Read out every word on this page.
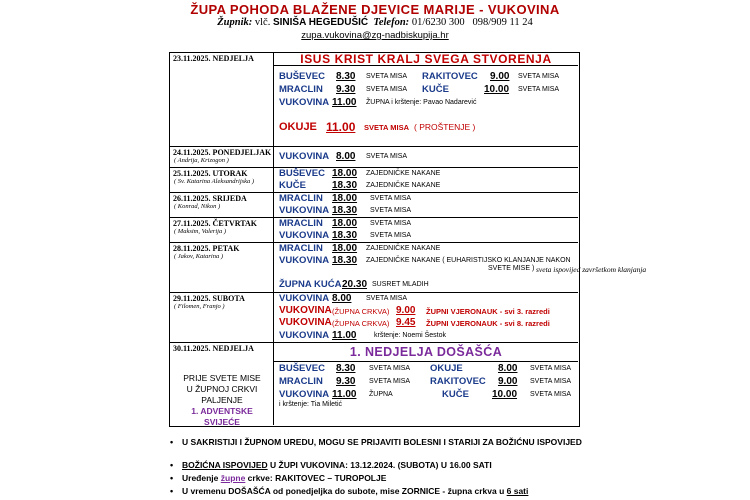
ŽUPA POHODA BLAŽENE DJEVICE MARIJE - VUKOVINA
Župnik: vlč. SINIŠA HEGEDUŠIĆ Telefon: 01/6230 300 098/909 11 24
zupa.vukovina@zg-nadbiskupija.hr
23.11.2025. NEDJELJA	ISUS KRIST KRALJ SVEGA STVORENJA
BUŠEVEC 8.30 SVETA MISA RAKITOVEC 9.00 SVETA MISA
MRACLIN 9.30 SVETA MISA KUČE	10.00 SVETA MISA
VUKOVINA 11.00 ŽUPNA i krštenje: Pavao Nadarević
OKUJE 11.00 SVETA MISA ( PROŠTENJE )
24.11.2025. PONEDJELJAK
( Andrija, Krizogon )	VUKOVINA 8.00 SVETA MISA
25.11.2025. UTORAK
( Sv. Katarina Aleksandrijska )
BUŠEVEC 18.00 ZAJEDNIČKE NAKANE
KUČE	18.30 ZAJEDNIČKE NAKANE
26.11.2025. SRIJEDA
( Konrad, Nikon )
MRACLIN 18.00 SVETA MISA
VUKOVINA 18.30 SVETA MISA
27.11.2025. ČETVRTAK
( Maksim, Valerija )
MRACLIN 18.00 SVETA MISA
VUKOVINA 18.30 SVETA MISA
28.11.2025. PETAK
( Jakov, Katarina )
MRACLIN 18.00 ZAJEDNIČKE NAKANE
VUKOVINA 18.30 ZAJEDNIČKE NAKANE ( EUHARISTIJSKO KLANJANJE NAKON
SVETE MISE ) sveta ispovijed završetkom klanjanja
ŽUPNA KUĆA 20.30 SUSRET MLADIH
29.11.2025. SUBOTA
( Filomen, Franjo )
VUKOVINA 8.00 SVETA MISA
VUKOVINA (ŽUPNA CRKVA) 9.00 ŽUPNI VJERONAUK - svi 3. razredi
VUKOVINA (ŽUPNA CRKVA) 9.45 ŽUPNI VJERONAUK - svi 8. razredi
VUKOVINA 11.00	krštenje: Noemi Šestok
30.11.2025. NEDJELJA
PRIJE SVETE MISE
U ŽUPNOJ CRKVI
PALJENJE
1. ADVENTSKE
SVIJEĆE
1. NEDJELJA DOŠAŠĆA
BUŠEVEC 8.30 SVETA MISA OKUJE	8.00 SVETA MISA
MRACLIN 9.30 SVETA MISA RAKITOVEC 9.00 SVETA MISA
VUKOVINA 11.00 ŽUPNA	KUČE 10.00 SVETA MISA
i krštenje: Tia Miletić
• U SAKRISTIJI I ŽUPNOM UREDU, MOGU SE PRIJAVITI BOLESNI I STARIJI ZA BOŽIĆNU ISPOVIJED
• BOŽIĆNA ISPOVIJED U ŽUPI VUKOVINA: 13.12.2024. (SUBOTA) U 16.00 SATI
• Uređenje župne crkve: RAKITOVEC – TUROPOLJE
• U vremenu DOŠAŠĆA od ponedjeljka do subote, mise ZORNICE - župna crkva u 6 sati
